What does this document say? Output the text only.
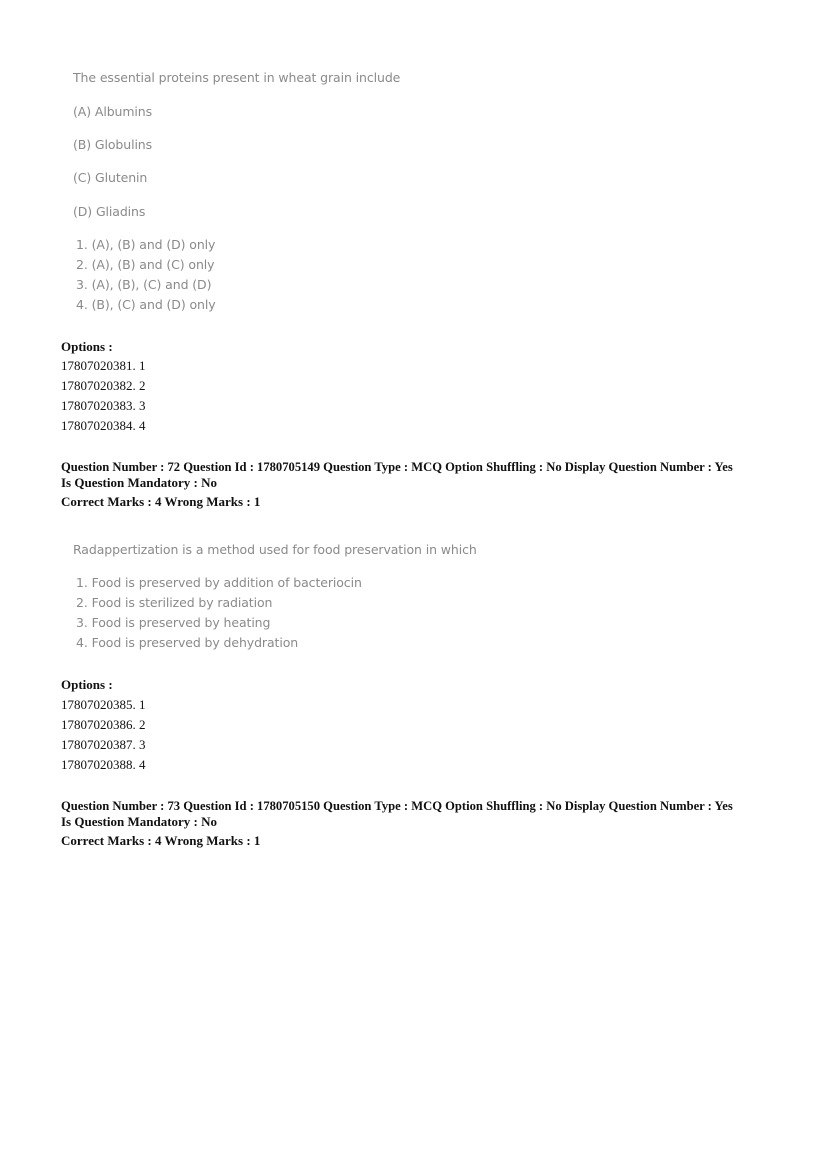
The essential proteins present in wheat grain include
(A) Albumins
(B) Globulins
(C) Glutenin
(D) Gliadins
1. (A), (B) and (D) only
2. (A), (B) and (C) only
3. (A), (B), (C) and (D)
4. (B), (C) and (D) only
Options :
17807020381. 1
17807020382. 2
17807020383. 3
17807020384. 4
Question Number : 72 Question Id : 1780705149 Question Type : MCQ Option Shuffling : No Display Question Number : Yes
Is Question Mandatory : No
Correct Marks : 4 Wrong Marks : 1
Radappertization is a method used for food preservation in which
1. Food is preserved by addition of bacteriocin
2. Food is sterilized by radiation
3. Food is preserved by heating
4. Food is preserved by dehydration
Options :
17807020385. 1
17807020386. 2
17807020387. 3
17807020388. 4
Question Number : 73 Question Id : 1780705150 Question Type : MCQ Option Shuffling : No Display Question Number : Yes
Is Question Mandatory : No
Correct Marks : 4 Wrong Marks : 1
